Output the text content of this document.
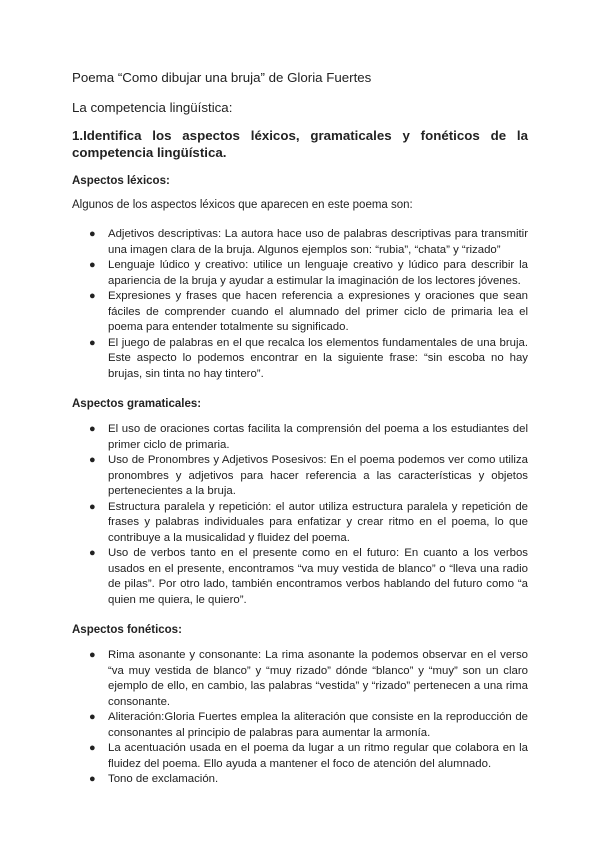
Poema “Como dibujar una bruja” de Gloria Fuertes
La competencia lingüística:
1.Identifica los aspectos léxicos, gramaticales y fonéticos de la competencia lingüística.
Aspectos léxicos:
Algunos de los aspectos léxicos que aparecen en este poema son:
● Adjetivos descriptivas: La autora hace uso de palabras descriptivas para transmitir una imagen clara de la bruja. Algunos ejemplos son: “rubia”, “chata” y “rizado”
● Lenguaje lúdico y creativo: utilice un lenguaje creativo y lúdico para describir la apariencia de la bruja y ayudar a estimular la imaginación de los lectores jóvenes.
● Expresiones y frases que hacen referencia a expresiones y oraciones que sean fáciles de comprender cuando el alumnado del primer ciclo de primaria lea el poema para entender totalmente su significado.
● El juego de palabras en el que recalca los elementos fundamentales de una bruja. Este aspecto lo podemos encontrar en la siguiente frase: “sin escoba no hay brujas, sin tinta no hay tintero”.
Aspectos gramaticales:
● El uso de oraciones cortas facilita la comprensión del poema a los estudiantes del primer ciclo de primaria.
● Uso de Pronombres y Adjetivos Posesivos: En el poema podemos ver como utiliza pronombres y adjetivos para hacer referencia a las características y objetos pertenecientes a la bruja.
● Estructura paralela y repetición: el autor utiliza estructura paralela y repetición de frases y palabras individuales para enfatizar y crear ritmo en el poema, lo que contribuye a la musicalidad y fluidez del poema.
● Uso de verbos tanto en el presente como en el futuro: En cuanto a los verbos usados en el presente, encontramos “va muy vestida de blanco” o “lleva una radio de pilas”. Por otro lado, también encontramos verbos hablando del futuro como “a quien me quiera, le quiero”.
Aspectos fonéticos:
● Rima asonante y consonante: La rima asonante la podemos observar en el verso “va muy vestida de blanco” y “muy rizado” dónde “blanco” y “muy” son un claro ejemplo de ello, en cambio, las palabras “vestida” y “rizado” pertenecen a una rima consonante.
● Aliteración:Gloria Fuertes emplea la aliteración que consiste en la reproducción de consonantes al principio de palabras para aumentar la armonía.
● La acentuación usada en el poema da lugar a un ritmo regular que colabora en la fluidez del poema. Ello ayuda a mantener el foco de atención del alumnado.
● Tono de exclamación.
